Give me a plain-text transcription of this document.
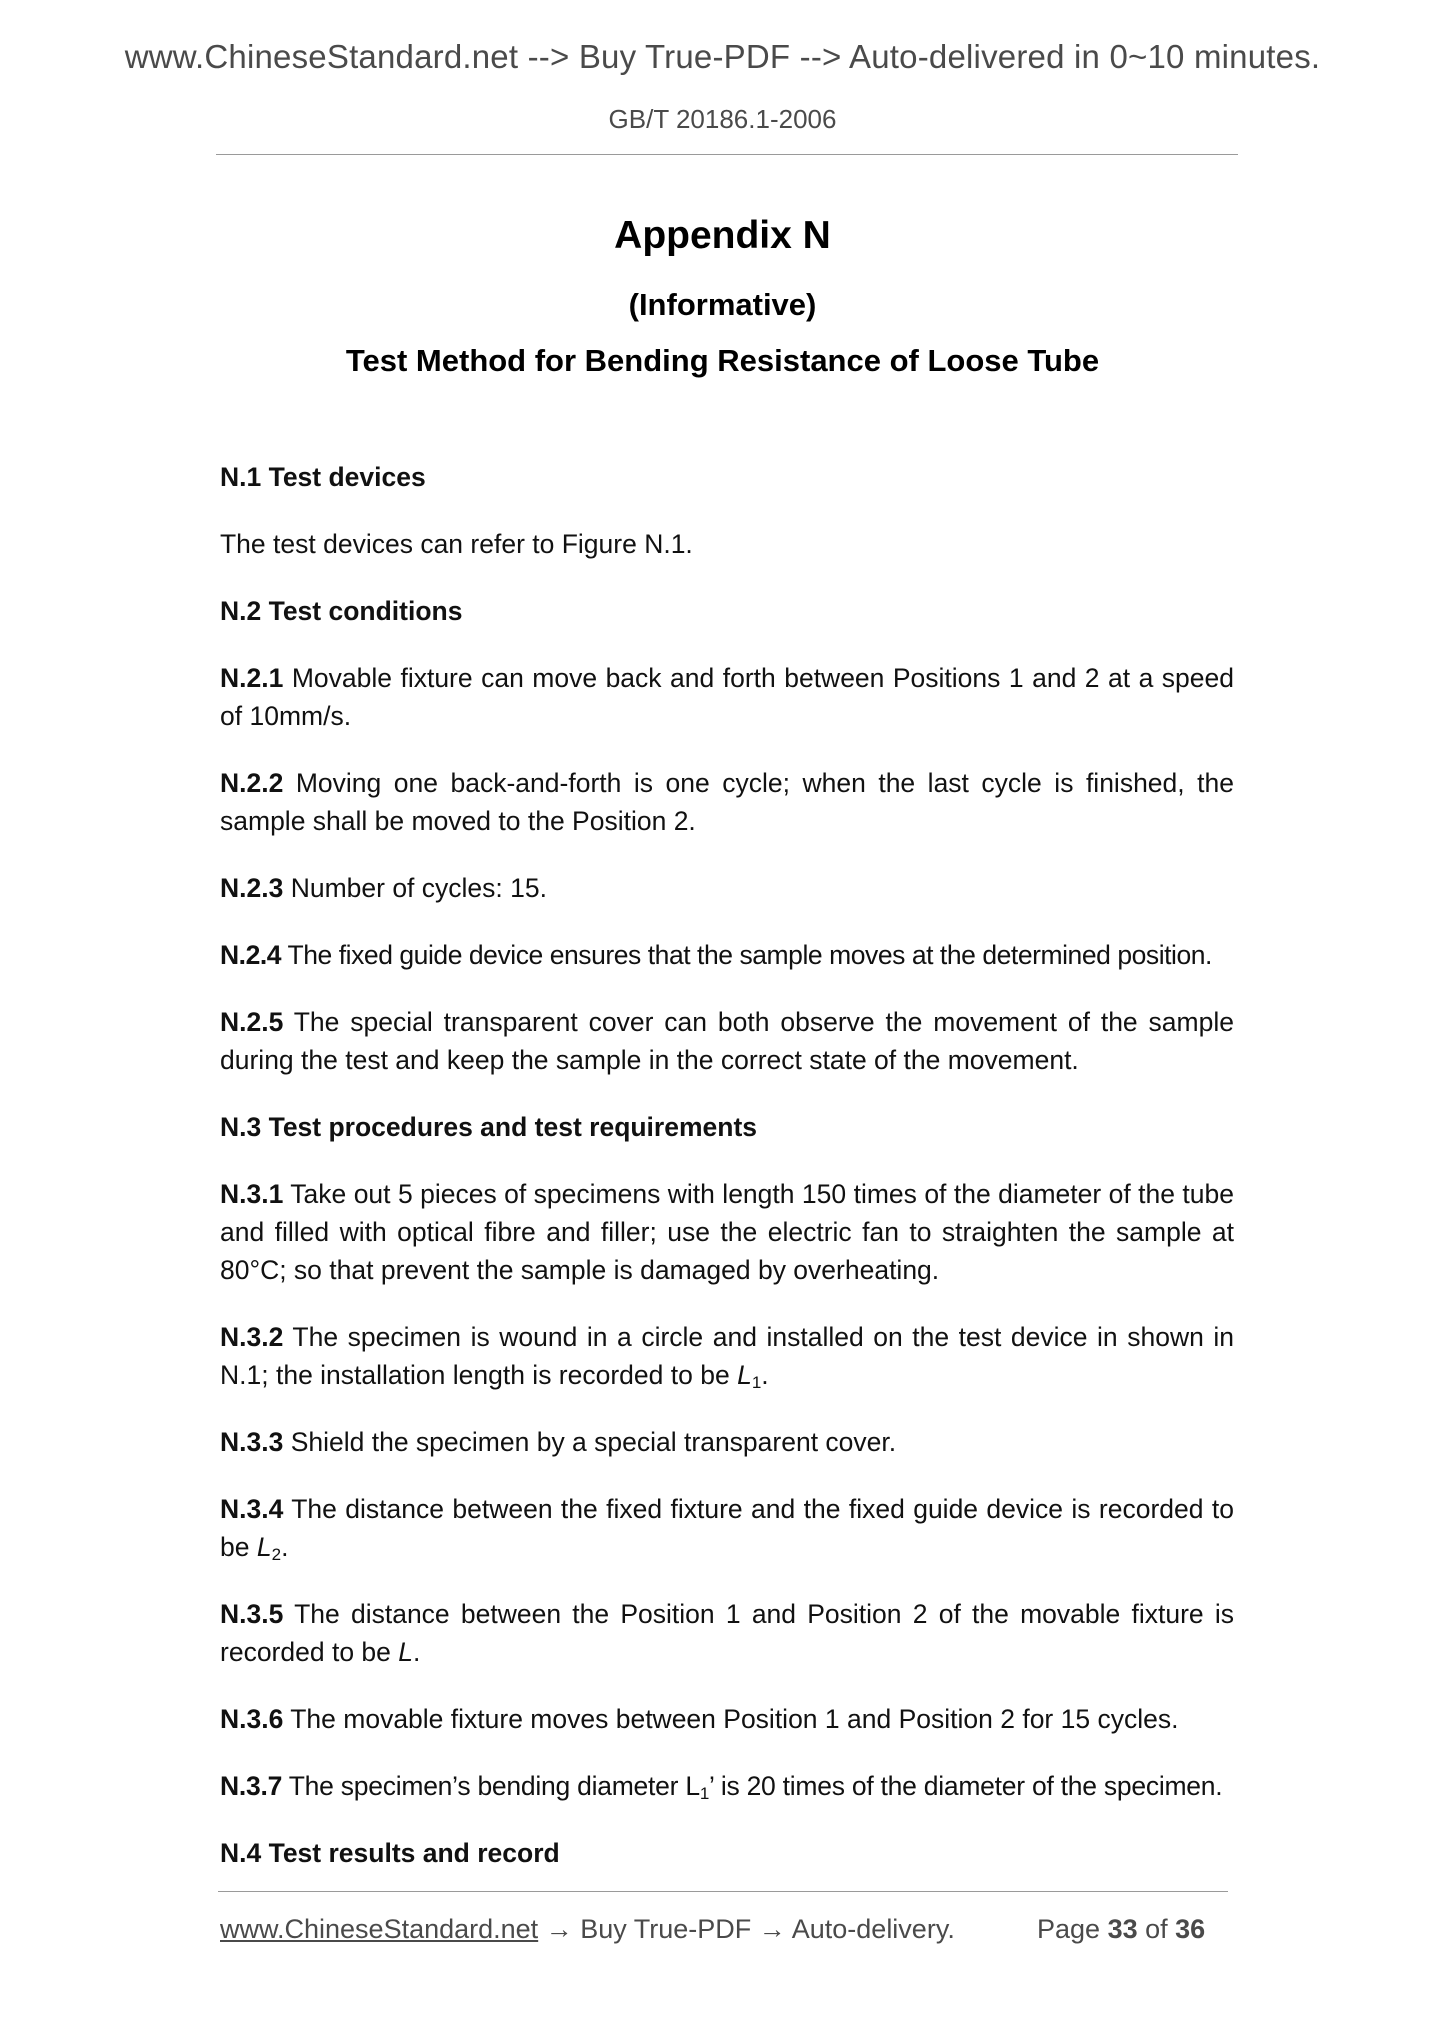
www.ChineseStandard.net --> Buy True-PDF --> Auto-delivered in 0~10 minutes.
GB/T 20186.1-2006
Appendix N
(Informative)
Test Method for Bending Resistance of Loose Tube

N.1 Test devices

The test devices can refer to Figure N.1.

N.2 Test conditions

N.2.1 Movable fixture can move back and forth between Positions 1 and 2 at a speed of 10mm/s.

N.2.2 Moving one back-and-forth is one cycle; when the last cycle is finished, the sample shall be moved to the Position 2.

N.2.3 Number of cycles: 15.

N.2.4 The fixed guide device ensures that the sample moves at the determined position.

N.2.5 The special transparent cover can both observe the movement of the sample during the test and keep the sample in the correct state of the movement.

N.3 Test procedures and test requirements

N.3.1 Take out 5 pieces of specimens with length 150 times of the diameter of the tube and filled with optical fibre and filler; use the electric fan to straighten the sample at 80°C; so that prevent the sample is damaged by overheating.

N.3.2 The specimen is wound in a circle and installed on the test device in shown in N.1; the installation length is recorded to be $L_1$.

N.3.3 Shield the specimen by a special transparent cover.

N.3.4 The distance between the fixed fixture and the fixed guide device is recorded to be $L_2$.

N.3.5 The distance between the Position 1 and Position 2 of the movable fixture is recorded to be L.

N.3.6 The movable fixture moves between Position 1 and Position 2 for 15 cycles.

N.3.7 The specimen’s bending diameter $L_1$’ is 20 times of the diameter of the specimen.

N.4 Test results and record

www.ChineseStandard.net → Buy True-PDF → Auto-delivery.	Page 33 of 36
